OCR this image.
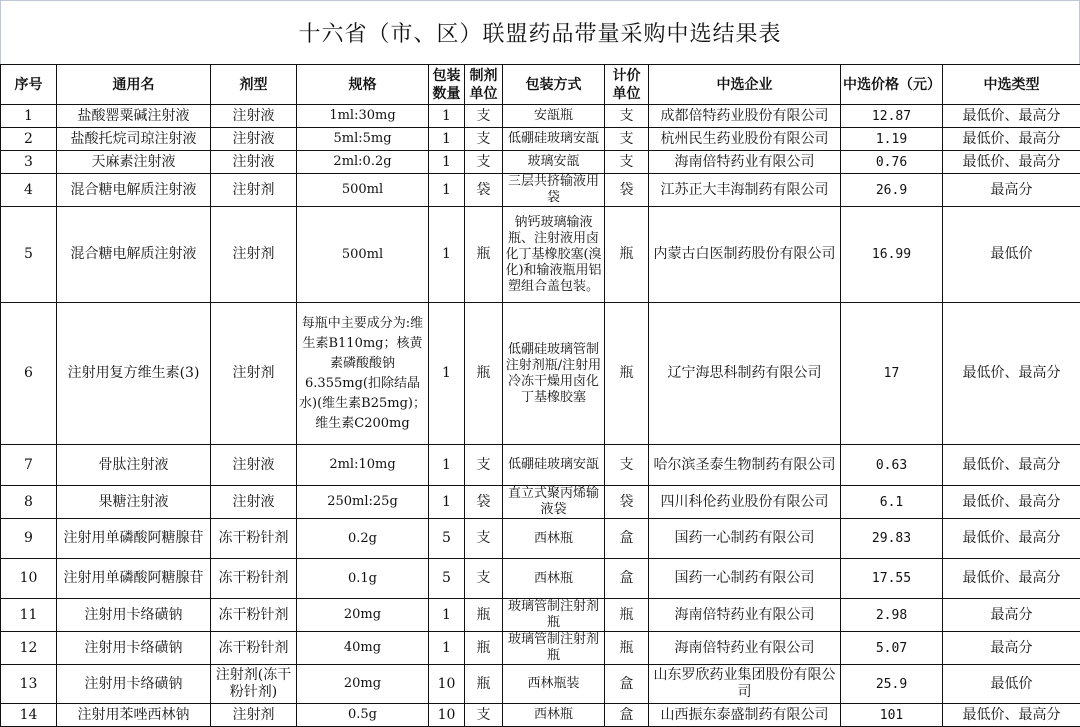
十六省（市、区）联盟药品带量采购中选结果表
序号	通用名	剂型	规格	包装数量	制剂单位	包装方式	计价单位	中选企业	中选价格（元）	中选类型
1	盐酸罂粟碱注射液	注射液	1ml:30mg	1	支	安瓿瓶	支	成都倍特药业股份有限公司	12.87	最低价、最高分
2	盐酸托烷司琼注射液	注射液	5ml:5mg	1	支	低硼硅玻璃安瓿	支	杭州民生药业股份有限公司	1.19	最低价、最高分
3	天麻素注射液	注射液	2ml:0.2g	1	支	玻璃安瓿	支	海南倍特药业有限公司	0.76	最低价、最高分
4	混合糖电解质注射液	注射剂	500ml	1	袋	三层共挤输液用袋	袋	江苏正大丰海制药有限公司	26.9	最高分
5	混合糖电解质注射液	注射剂	500ml	1	瓶	钠钙玻璃输液瓶、注射液用卤化丁基橡胶塞(溴化)和输液瓶用铝塑组合盖包装。	瓶	内蒙古白医制药股份有限公司	16.99	最低价
6	注射用复方维生素(3)	注射剂	每瓶中主要成分为:维生素B110mg；核黄素磷酸酸钠6.355mg(扣除结晶水)(维生素B25mg)；维生素C200mg	1	瓶	低硼硅玻璃管制注射剂瓶/注射用冷冻干燥用卤化丁基橡胶塞	瓶	辽宁海思科制药有限公司	17	最低价、最高分
7	骨肽注射液	注射液	2ml:10mg	1	支	低硼硅玻璃安瓿	支	哈尔滨圣泰生物制药有限公司	0.63	最低价、最高分
8	果糖注射液	注射液	250ml:25g	1	袋	直立式聚丙烯输液袋	袋	四川科伦药业股份有限公司	6.1	最低价、最高分
9	注射用单磷酸阿糖腺苷	冻干粉针剂	0.2g	5	支	西林瓶	盒	国药一心制药有限公司	29.83	最低价、最高分
10	注射用单磷酸阿糖腺苷	冻干粉针剂	0.1g	5	支	西林瓶	盒	国药一心制药有限公司	17.55	最低价、最高分
11	注射用卡络磺钠	冻干粉针剂	20mg	1	瓶	玻璃管制注射剂瓶	瓶	海南倍特药业有限公司	2.98	最高分
12	注射用卡络磺钠	冻干粉针剂	40mg	1	瓶	玻璃管制注射剂瓶	瓶	海南倍特药业有限公司	5.07	最高分
13	注射用卡络磺钠	注射剂(冻干粉针剂)	20mg	10	瓶	西林瓶装	盒	山东罗欣药业集团股份有限公司	25.9	最低价
14	注射用苯唑西林钠	注射剂	0.5g	10	支	西林瓶	盒	山西振东泰盛制药有限公司	101	最低价、最高分
